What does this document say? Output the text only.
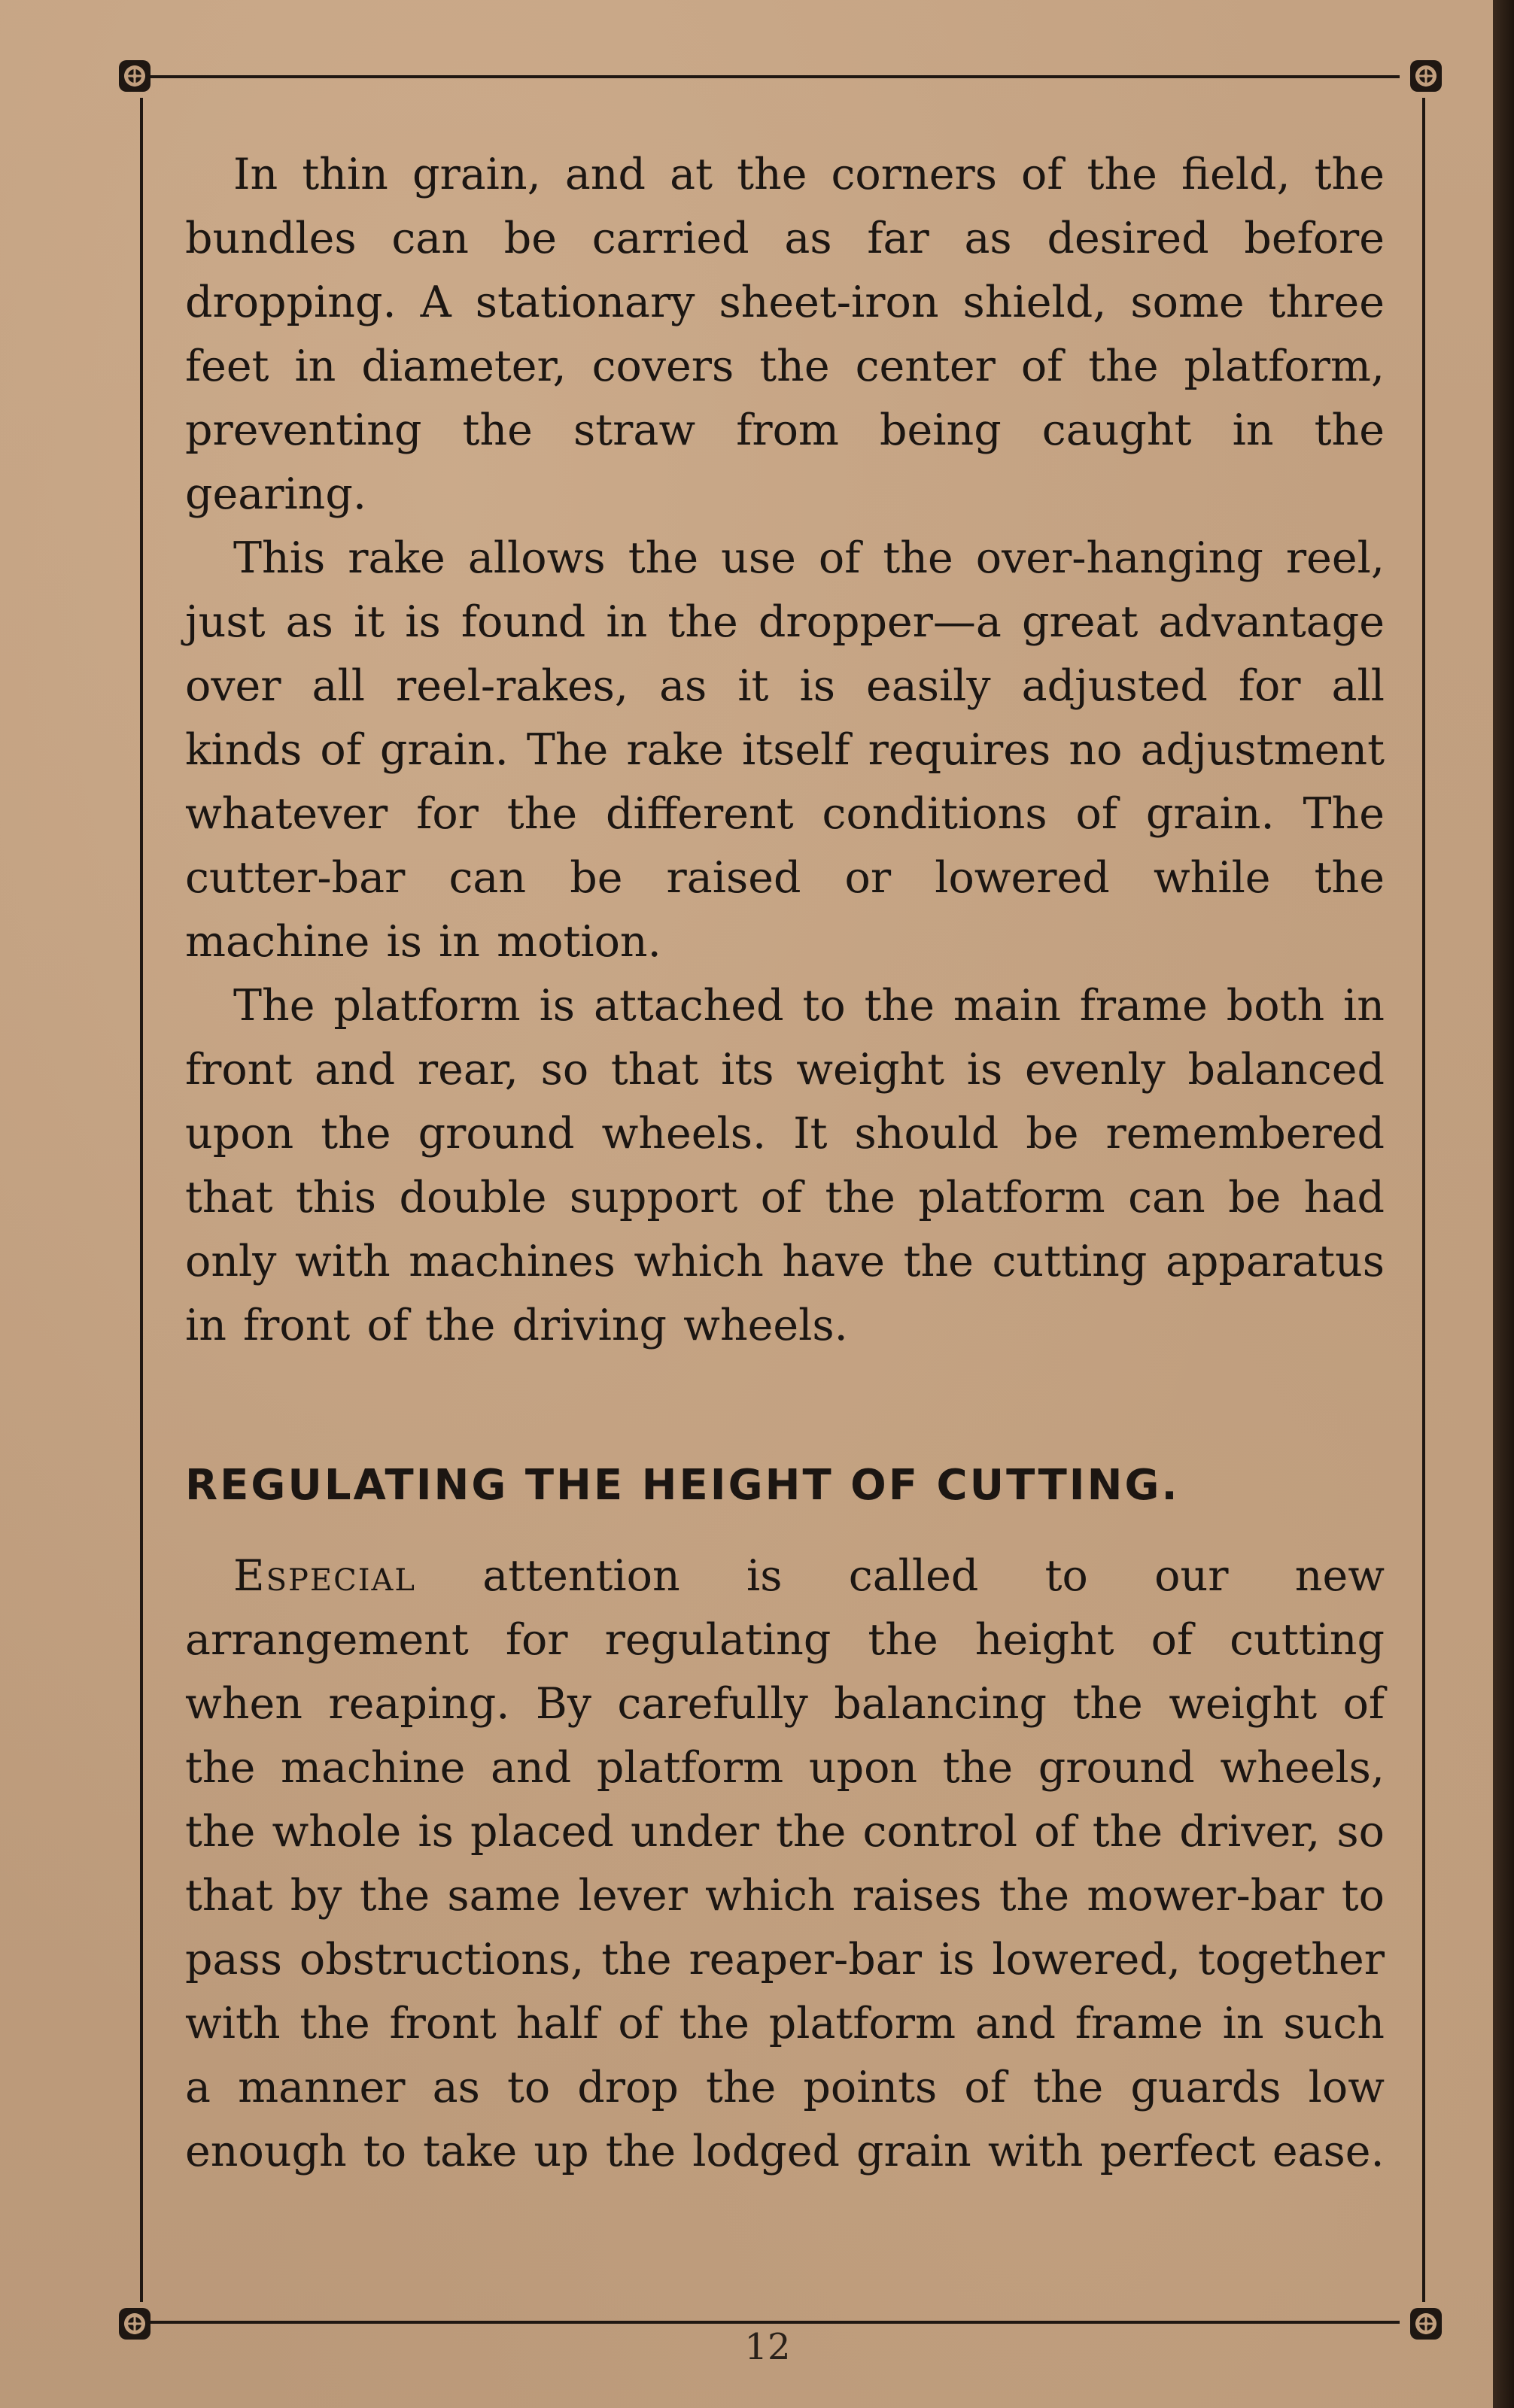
In thin grain, and at the corners of the field, the bundles can be carried as far as desired before dropping. A stationary sheet-iron shield, some three feet in diameter, covers the center of the platform, preventing the straw from being caught in the gearing.

This rake allows the use of the over-hanging reel, just as it is found in the dropper—a great advantage over all reel-rakes, as it is easily adjusted for all kinds of grain. The rake itself requires no adjustment whatever for the different conditions of grain. The cutter-bar can be raised or lowered while the machine is in motion.

The platform is attached to the main frame both in front and rear, so that its weight is evenly balanced upon the ground wheels. It should be remembered that this double support of the platform can be had only with machines which have the cutting apparatus in front of the driving wheels.

REGULATING THE HEIGHT OF CUTTING.

Especial attention is called to our new arrangement for regulating the height of cutting when reaping. By carefully balancing the weight of the machine and platform upon the ground wheels, the whole is placed under the control of the driver, so that by the same lever which raises the mower-bar to pass obstructions, the reaper-bar is lowered, together with the front half of the platform and frame in such a manner as to drop the points of the guards low enough to take up the lodged grain with perfect ease.

12
